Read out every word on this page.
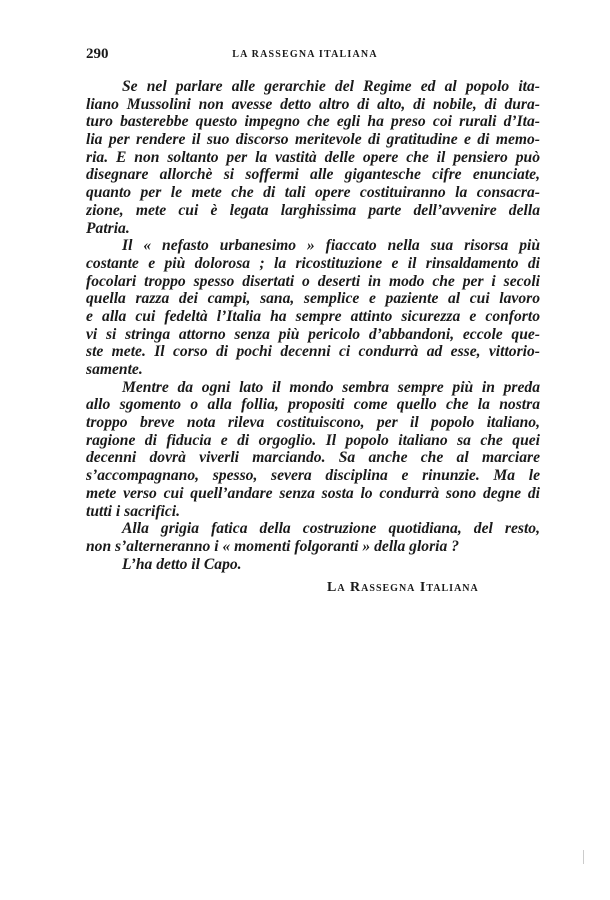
290	LA RASSEGNA ITALIANA
Se nel parlare alle gerarchie del Regime ed al popolo ita-
liano Mussolini non avesse detto altro di alto, di nobile, di dura-
turo basterebbe questo impegno che egli ha preso coi rurali d’Ita-
lia per rendere il suo discorso meritevole di gratitudine e di memo-
ria. E non soltanto per la vastità delle opere che il pensiero può
disegnare allorchè si soffermi alle gigantesche cifre enunciate,
quanto per le mete che di tali opere costituiranno la consacra-
zione, mete cui è legata larghissima parte dell’avvenire della
Patria.
Il « nefasto urbanesimo » fiaccato nella sua risorsa più
costante e più dolorosa ; la ricostituzione e il rinsaldamento di
focolari troppo spesso disertati o deserti in modo che per i secoli
quella razza dei campi, sana, semplice e paziente al cui lavoro
e alla cui fedeltà l’Italia ha sempre attinto sicurezza e conforto
vi si stringa attorno senza più pericolo d’abbandoni, eccole que-
ste mete. Il corso di pochi decenni ci condurrà ad esse, vittorio-
samente.
Mentre da ogni lato il mondo sembra sempre più in preda
allo sgomento o alla follia, propositi come quello che la nostra
troppo breve nota rileva costituiscono, per il popolo italiano,
ragione di fiducia e di orgoglio. Il popolo italiano sa che quei
decenni dovrà viverli marciando. Sa anche che al marciare
s’accompagnano, spesso, severa disciplina e rinunzie. Ma le
mete verso cui quell’andare senza sosta lo condurrà sono degne di
tutti i sacrifici.
Alla grigia fatica della costruzione quotidiana, del resto,
non s’alterneranno i « momenti folgoranti » della gloria ?
L’ha detto il Capo.
La Rassegna Italiana
